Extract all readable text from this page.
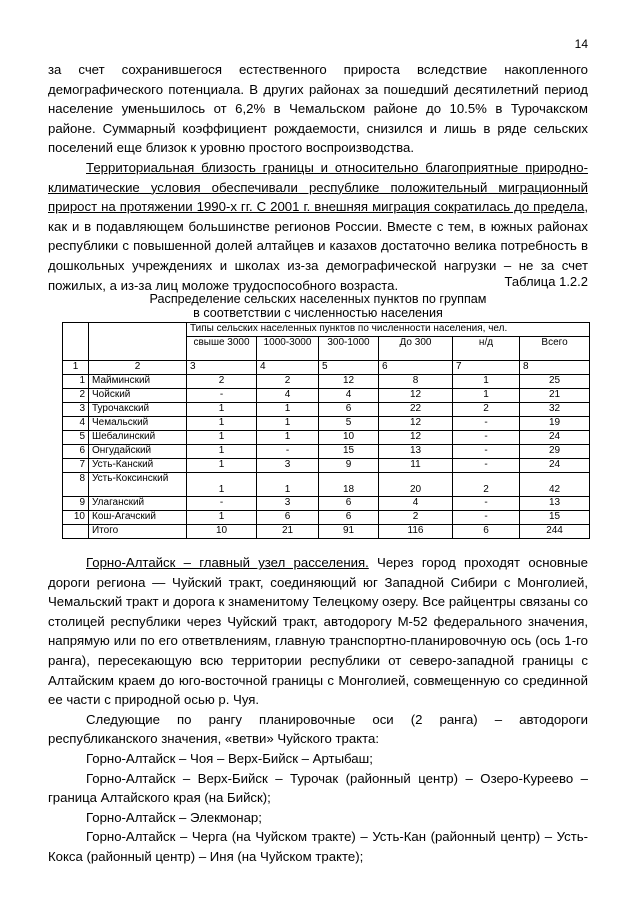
14

за счет сохранившегося естественного прироста вследствие накопленного демографического потенциала. В других районах за пошедший десятилетний период население уменьшилось от 6,2% в Чемальском районе до 10.5% в Турочакском районе. Суммарный коэффициент рождаемости, снизился и лишь в ряде сельских поселений еще близок к уровню простого воспроизводства.

Территориальная близость границы и относительно благоприятные природно-климатические условия обеспечивали республике положительный миграционный прирост на протяжении 1990-х гг. С 2001 г. внешняя миграция сократилась до предела, как и в подавляющем большинстве регионов России. Вместе с тем, в южных районах республики с повышенной долей алтайцев и казахов достаточно велика потребность в дошкольных учреждениях и школах из-за демографической нагрузки – не за счет пожилых, а из-за лиц моложе трудоспособного возраста.	Таблица 1.2.2
Распределение сельских населенных пунктов по группам
в соответствии с численностью населения
		Типы сельских населенных пунктов по численности населения, чел.					
		свыше 3000	1000-3000	300-1000	До 300	н/д	Всего
1	2	3	4	5	6	7	8
1	Майминский	2	2	12	8	1	25
2	Чойский	-	4	4	12	1	21
3	Турочакский	1	1	6	22	2	32
4	Чемальский	1	1	5	12	-	19
5	Шебалинский	1	1	10	12	-	24
6	Онгудайский	1	-	15	13	-	29
7	Усть-Канский	1	3	9	11	-	24
8	Усть-Коксинский	1	1	18	20	2	42
9	Улаганский	-	3	6	4	-	13
10	Кош-Агачский	1	6	6	2	-	15
	Итого	10	21	91	116	6	244

Горно-Алтайск – главный узел расселения. Через город проходят основные дороги региона — Чуйский тракт, соединяющий юг Западной Сибири с Монголией, Чемальский тракт и дорога к знаменитому Телецкому озеру. Все райцентры связаны со столицей республики через Чуйский тракт, автодорогу М-52 федерального значения, напрямую или по его ответвлениям, главную транспортно-планировочную ось (ось 1-го ранга), пересекающую всю территории республики от северо-западной границы с Алтайским краем до юго-восточной границы с Монголией, совмещенную со срединной ее части с природной осью р. Чуя.

Следующие по рангу планировочные оси (2 ранга) – автодороги республиканского значения, «ветви» Чуйского тракта:

Горно-Алтайск – Чоя – Верх-Бийск – Артыбаш;

Горно-Алтайск – Верх-Бийск – Турочак (районный центр) – Озеро-Куреево – граница Алтайского края (на Бийск);

Горно-Алтайск – Элекмонар;

Горно-Алтайск – Черга (на Чуйском тракте) – Усть-Кан (районный центр) – Усть-Кокса (районный центр) – Иня (на Чуйском тракте);
